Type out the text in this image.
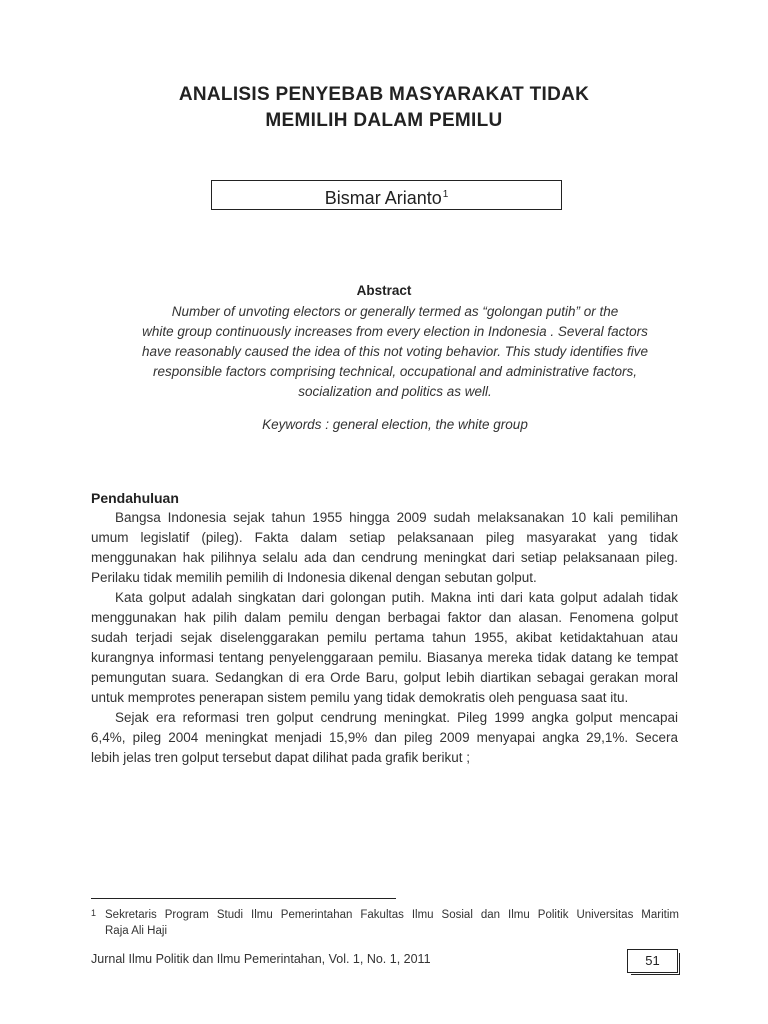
ANALISIS PENYEBAB MASYARAKAT TIDAK
MEMILIH DALAM PEMILU
Bismar Arianto$^1$
Abstract
Number of unvoting electors or generally termed as “golongan putih” or the
white group continuously increases from every election in Indonesia . Several factors
have reasonably caused the idea of this not voting behavior. This study identifies five
responsible factors comprising technical, occupational and administrative factors,
socialization and politics as well.
Keywords : general election, the white group
Pendahuluan
Bangsa Indonesia sejak tahun 1955 hingga 2009 sudah melaksanakan 10 kali pemilihan
umum legislatif (pileg). Fakta dalam setiap pelaksanaan pileg masyarakat yang tidak
menggunakan hak pilihnya selalu ada dan cendrung meningkat dari setiap pelaksanaan pileg.
Perilaku tidak memilih pemilih di Indonesia dikenal dengan sebutan golput.
Kata golput adalah singkatan dari golongan putih. Makna inti dari kata golput adalah tidak
menggunakan hak pilih dalam pemilu dengan berbagai faktor dan alasan. Fenomena golput
sudah terjadi sejak diselenggarakan pemilu pertama tahun 1955, akibat ketidaktahuan atau
kurangnya informasi tentang penyelenggaraan pemilu. Biasanya mereka tidak datang ke tempat
pemungutan suara. Sedangkan di era Orde Baru, golput lebih diartikan sebagai gerakan moral
untuk memprotes penerapan sistem pemilu yang tidak demokratis oleh penguasa saat itu.
Sejak era reformasi tren golput cendrung meningkat. Pileg 1999 angka golput mencapai
6,4%, pileg 2004 meningkat menjadi 15,9% dan pileg 2009 menyapai angka 29,1%. Secera
lebih jelas tren golput tersebut dapat dilihat pada grafik berikut ;
1 Sekretaris Program Studi Ilmu Pemerintahan Fakultas Ilmu Sosial dan Ilmu Politik Universitas Maritim
Raja Ali Haji
Jurnal Ilmu Politik dan Ilmu Pemerintahan, Vol. 1, No. 1, 2011	51
